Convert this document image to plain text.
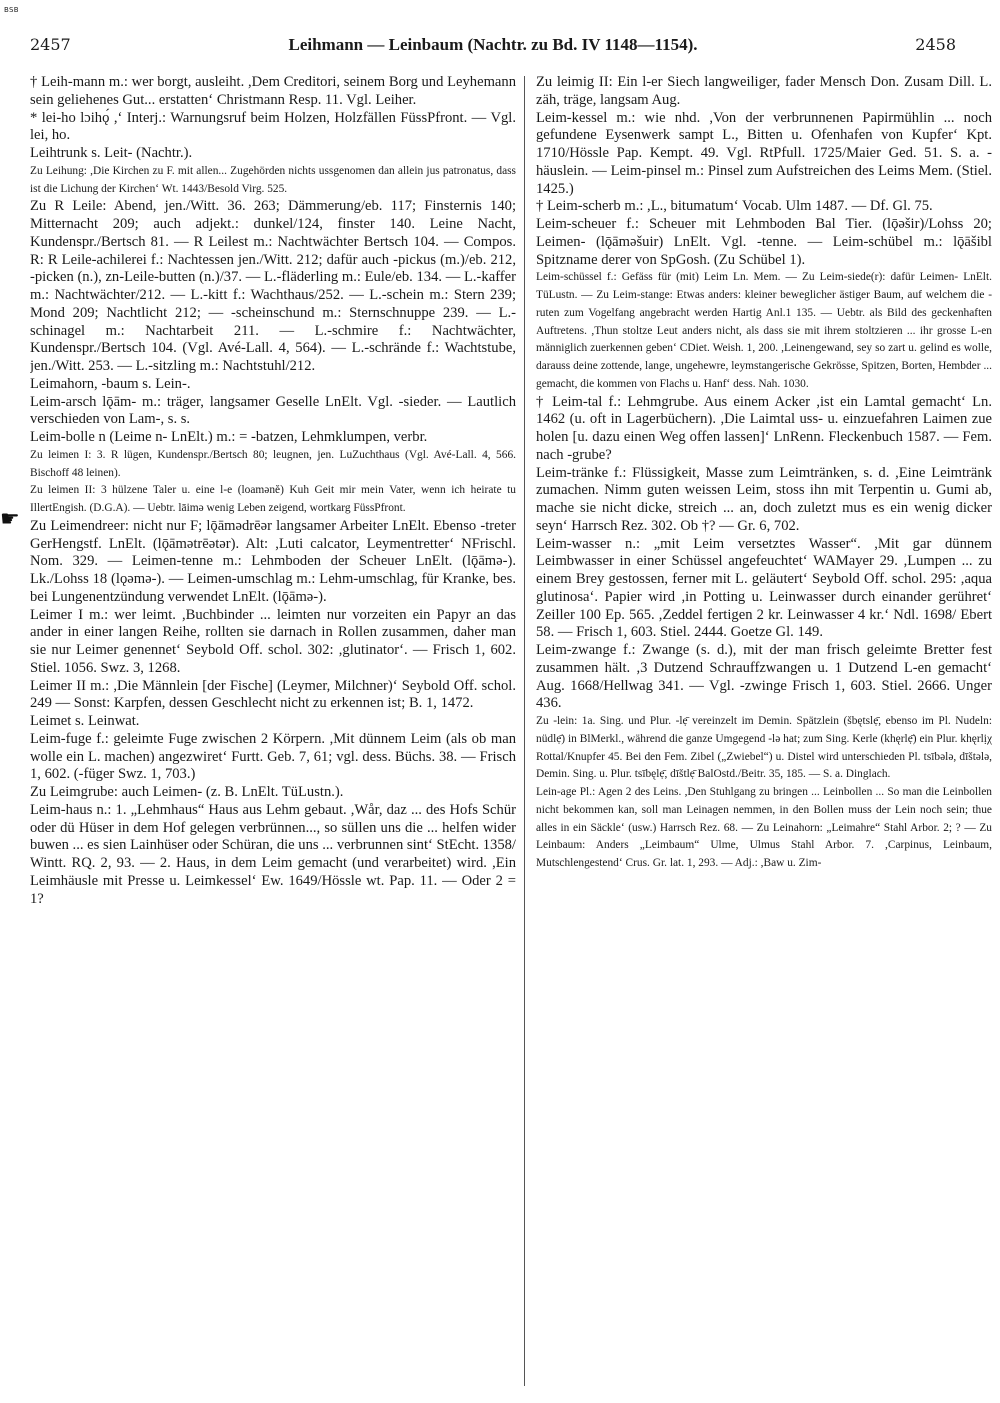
BSB
2457	Leihmann — Leinbaum (Nachtr. zu Bd. IV 1148—1154).	2458

† Leih-mann m.: wer borgt, ausleiht. ,Dem Creditori, seinem Borg und Leyhemann sein geliehenes Gut... erstatten‘ Christmann Resp. 11. Vgl. Leiher.

* lei-ho lɔihǫ́ ,‘ Interj.: Warnungsruf beim Holzen, Holzfällen FüssPfront. — Vgl. lei, ho.

Leihtrunk s. Leit- (Nachtr.).

Zu Leihung: ,Die Kirchen zu F. mit allen... Zugehörden nichts ussgenomen dan allein jus patronatus, dass ist die Lichung der Kirchen‘ Wt. 1443/Besold Virg. 525.

Zu R Leile: Abend, jen./Witt. 36. 263; Dämmerung/eb. 117; Finsternis 140; Mitternacht 209; auch adjekt.: dunkel/124, finster 140. Leine Nacht, Kundenspr./Bertsch 81. — R Leilest m.: Nachtwächter Bertsch 104. — Compos. R: R Leile-achilerei f.: Nachtessen jen./Witt. 212; dafür auch -pickus (m.)/eb. 212, -picken (n.), zn-Leile-butten (n.)/37. — L.-fläderling m.: Eule/eb. 134. — L.-kaffer m.: Nachtwächter/212. — L.-kitt f.: Wachthaus/252. — L.-schein m.: Stern 239; Mond 209; Nachtlicht 212; — -scheinschund m.: Sternschnuppe 239. — L.-schinagel m.: Nachtarbeit 211. — L.-schmire f.: Nachtwächter, Kundenspr./Bertsch 104. (Vgl. Avé-Lall. 4, 564). — L.-schrände f.: Wachtstube, jen./Witt. 253. — L.-sitzling m.: Nachtstuhl/212.

Leimahorn, -baum s. Lein-.

Leim-arsch lǭām- m.: träger, langsamer Geselle LnElt. Vgl. -sieder. — Lautlich verschieden von Lam-, s. s.

Leim-bolle n (Leime n- LnElt.) m.: = -batzen, Lehmklumpen, verbr.

Zu leimen I: 3. R lügen, Kundenspr./Bertsch 80; leugnen, jen. LuZuchthaus (Vgl. Avé-Lall. 4, 566. Bischoff 48 leinen).

Zu leimen II: 3 hülzene Taler u. eine l-e (loamənĕ) Kuh Geit mir mein Vater, wenn ich heirate tu IllertEngish. (D.G.A). — Uebtr. lāimə wenig Leben zeigend, wortkarg FüssPfront.

Zu Leimendreer: nicht nur F; lǭāmədrēər langsamer Arbeiter LnElt. Ebenso -treter GerHengstf. LnElt. (lǭāmətrēətər). Alt: ,Luti calcator, Leymentretter‘ NFrischl. Nom. 329. — Leimen-tenne m.: Lehmboden der Scheuer LnElt. (lǭāmə-). Lk./Lohss 18 (lǫəmə-). — Leimen-umschlag m.: Lehm-umschlag, für Kranke, bes. bei Lungenentzündung verwendet LnElt. (lǭāmə-).

Leimer I m.: wer leimt. ,Buchbinder ... leimten nur vorzeiten ein Papyr an das ander in einer langen Reihe, rollten sie darnach in Rollen zusammen, daher man sie nur Leimer genennet‘ Seybold Off. schol. 302: ,glutinator‘. — Frisch 1, 602. Stiel. 1056. Swz. 3, 1268.

Leimer II m.: ,Die Männlein [der Fische] (Leymer, Milchner)‘ Seybold Off. schol. 249 — Sonst: Karpfen, dessen Geschlecht nicht zu erkennen ist; B. 1, 1472.

Leimet s. Leinwat.

Leim-fuge f.: geleimte Fuge zwischen 2 Körpern. ,Mit dünnem Leim (als ob man wolle ein L. machen) angezwiret‘ Furtt. Geb. 7, 61; vgl. dess. Büchs. 38. — Frisch 1, 602. (-füger Swz. 1, 703.)

Zu Leimgrube: auch Leimen- (z. B. LnElt. TüLustn.).

Leim-haus n.: 1. „Lehmhaus“ Haus aus Lehm gebaut. ,Wår, daz ... des Hofs Schür oder dü Hüser in dem Hof gelegen verbrünnen..., so süllen uns die ... helfen wider buwen ... es sien Lainhüser oder Schüran, die uns ... verbrunnen sint‘ StEcht. 1358/ Wintt. RQ. 2, 93. — 2. Haus, in dem Leim gemacht (und verarbeitet) wird. ,Ein Leimhäusle mit Presse u. Leimkessel‘ Ew. 1649/Hössle wt. Pap. 11. — Oder 2 = 1?

Zu leimig II: Ein l-er Siech langweiliger, fader Mensch Don. Zusam Dill. L. zäh, träge, langsam Aug.

Leim-kessel m.: wie nhd. ,Von der verbrunnenen Papirmühlin ... noch gefundene Eysenwerk sampt L., Bitten u. Ofenhafen von Kupfer‘ Kpt. 1710/Hössle Pap. Kempt. 49. Vgl. RtPfull. 1725/Maier Ged. 51. S. a. -häuslein. — Leim-pinsel m.: Pinsel zum Aufstreichen des Leims Mem. (Stiel. 1425.)

† Leim-scherb m.: ,L., bitumatum‘ Vocab. Ulm 1487. — Df. Gl. 75.

Leim-scheuer f.: Scheuer mit Lehmboden Bal Tier. (lǭəšir)/Lohss 20; Leimen- (lǭāməšuir) LnElt. Vgl. -tenne. — Leim-schübel m.: lǭāšibl Spitzname derer von SpGosh. (Zu Schübel 1).

Leim-schüssel f.: Gefäss für (mit) Leim Ln. Mem. — Zu Leim-siede(r): dafür Leimen- LnElt. TüLustn. — Zu Leim-stange: Etwas anders: kleiner beweglicher ästiger Baum, auf welchem die -ruten zum Vogelfang angebracht werden Hartig Anl.1 135. — Uebtr. als Bild des geckenhaften Auftretens. ,Thun stoltze Leut anders nicht, als dass sie mit ihrem stoltzieren ... ihr grosse L-en männiglich zuerkennen geben‘ CDiet. Weish. 1, 200. ,Leinengewand, sey so zart u. gelind es wolle, darauss deine zottende, lange, ungehewre, leymstangerische Gekrösse, Spitzen, Borten, Hembder ... gemacht, die kommen von Flachs u. Hanf‘ dess. Nah. 1030.

† Leim-tal f.: Lehmgrube. Aus einem Acker ,ist ein Lamtal gemacht‘ Ln. 1462 (u. oft in Lagerbüchern). ,Die Laimtal uss- u. einzuefahren Laimen zue holen [u. dazu einen Weg offen lassen]‘ LnRenn. Fleckenbuch 1587. — Fem. nach -grube?

Leim-tränke f.: Flüssigkeit, Masse zum Leimtränken, s. d. ,Eine Leimtränk zumachen. Nimm guten weissen Leim, stoss ihn mit Terpentin u. Gumi ab, mache sie nicht dicke, streich ... an, doch zuletzt mus es ein wenig dicker seyn‘ Harrsch Rez. 302. Ob †? — Gr. 6, 702.

Leim-wasser n.: „mit Leim versetztes Wasser“. ,Mit gar dünnem Leimbwasser in einer Schüssel angefeuchtet‘ WAMayer 29. ,Lumpen ... zu einem Brey gestossen, ferner mit L. geläutert‘ Seybold Off. schol. 295: ,aqua glutinosa‘. Papier wird ,in Potting u. Leinwasser durch einander gerühret‘ Zeiller 100 Ep. 565. ,Zeddel fertigen 2 kr. Leinwasser 4 kr.‘ Ndl. 1698/ Ebert 58. — Frisch 1, 603. Stiel. 2444. Goetze Gl. 149.

Leim-zwange f.: Zwange (s. d.), mit der man frisch geleimte Bretter fest zusammen hält. ,3 Dutzend Schrauffzwangen u. 1 Dutzend L-en gemacht‘ Aug. 1668/Hellwag 341. — Vgl. -zwinge Frisch 1, 603. Stiel. 2666. Unger 436.

Zu -lein: 1a. Sing. und Plur. -lẹ̄ vereinzelt im Demin. Spätzlein (šbętslẹ̄, ebenso im Pl. Nudeln: nüdlẹ̄) in BlMerkl., während die ganze Umgegend -lə hat; zum Sing. Kerle (khęrlẹ̄) ein Plur. khęrlịχ Rottal/Knupfer 45. Bei den Fem. Zibel („Zwiebel“) u. Distel wird unterschieden Pl. tsībələ, dīštələ, Demin. Sing. u. Plur. tsībęlẹ̄, dīštlẹ̄ BalOstd./Beitr. 35, 185. — S. a. Dinglach.

Lein-age Pl.: Agen 2 des Leins. ,Den Stuhlgang zu bringen ... Leinbollen ... So man die Leinbollen nicht bekommen kan, soll man Leinagen nemmen, in den Bollen muss der Lein noch sein; thue alles in ein Säckle‘ (usw.) Harrsch Rez. 68. — Zu Leinahorn: „Leimahre“ Stahl Arbor. 2; ? — Zu Leinbaum: Anders „Leimbaum“ Ulme, Ulmus Stahl Arbor. 7. ,Carpinus, Leinbaum, Mutschlengestend‘ Crus. Gr. lat. 1, 293. — Adj.: ,Baw u. Zim-

☛
